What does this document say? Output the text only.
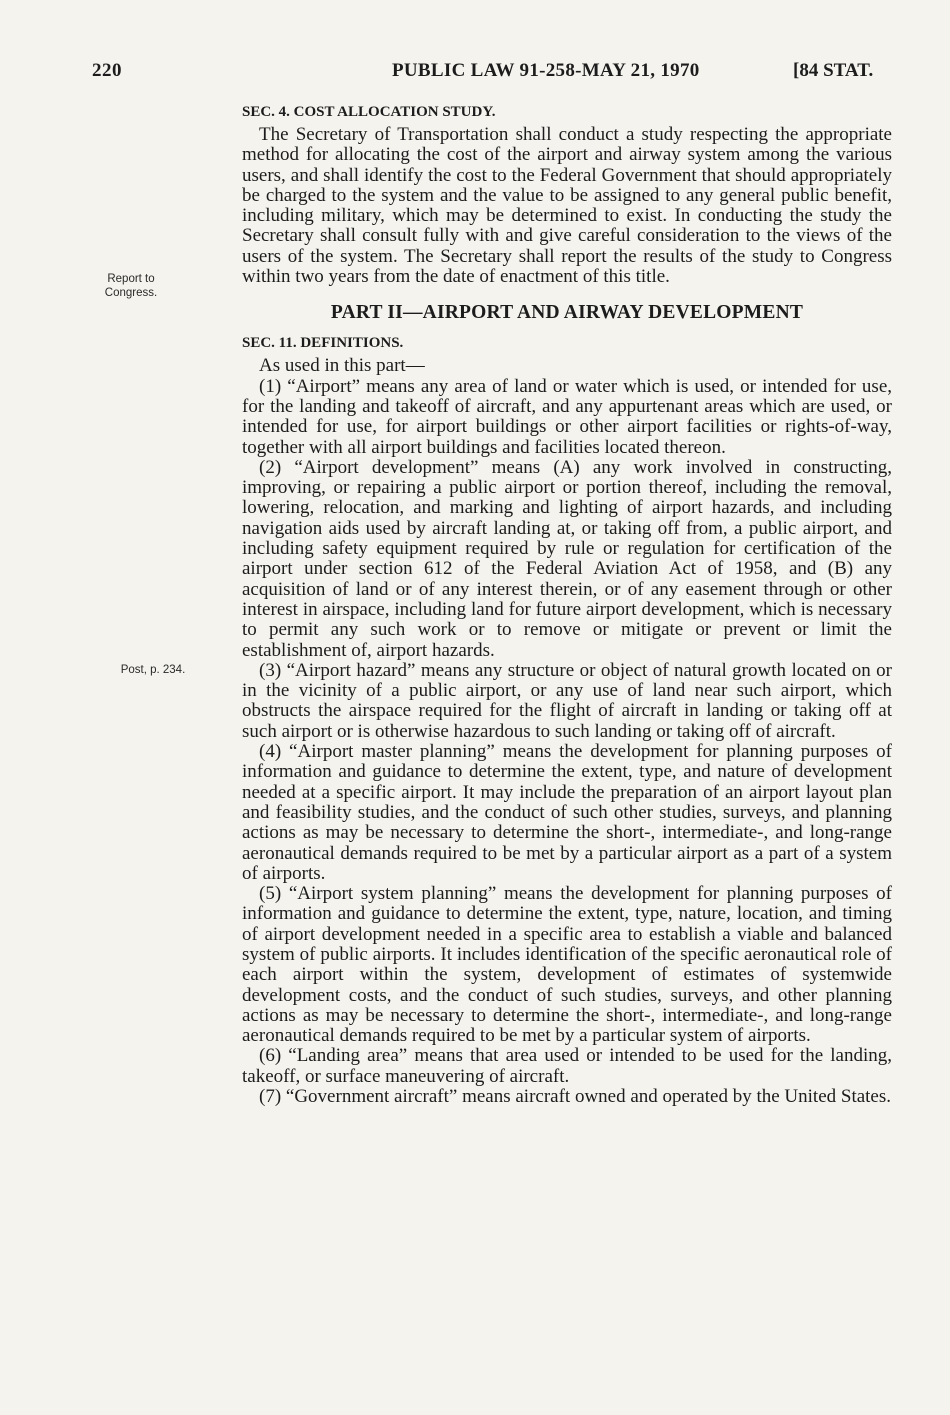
220	PUBLIC LAW 91-258-MAY 21, 1970	[84 STAT.
Report to
Congress.
Post, p. 234.
SEC. 4. COST ALLOCATION STUDY.

The Secretary of Transportation shall conduct a study respecting the appropriate method for allocating the cost of the airport and airway system among the various users, and shall identify the cost to the Federal Government that should appropriately be charged to the system and the value to be assigned to any general public benefit, including military, which may be determined to exist. In conducting the study the Secretary shall consult fully with and give careful consideration to the views of the users of the system. The Secretary shall report the results of the study to Congress within two years from the date of enactment of this title.

PART II—AIRPORT AND AIRWAY DEVELOPMENT
SEC. 11. DEFINITIONS.

As used in this part—

(1) “Airport” means any area of land or water which is used, or intended for use, for the landing and takeoff of aircraft, and any appurtenant areas which are used, or intended for use, for airport buildings or other airport facilities or rights-of-way, together with all airport buildings and facilities located thereon.

(2) “Airport development” means (A) any work involved in constructing, improving, or repairing a public airport or portion thereof, including the removal, lowering, relocation, and marking and lighting of airport hazards, and including navigation aids used by aircraft landing at, or taking off from, a public airport, and including safety equipment required by rule or regulation for certification of the airport under section 612 of the Federal Aviation Act of 1958, and (B) any acquisition of land or of any interest therein, or of any easement through or other interest in airspace, including land for future airport development, which is necessary to permit any such work or to remove or mitigate or prevent or limit the establishment of, airport hazards.

(3) “Airport hazard” means any structure or object of natural growth located on or in the vicinity of a public airport, or any use of land near such airport, which obstructs the airspace required for the flight of aircraft in landing or taking off at such airport or is otherwise hazardous to such landing or taking off of aircraft.

(4) “Airport master planning” means the development for planning purposes of information and guidance to determine the extent, type, and nature of development needed at a specific airport. It may include the preparation of an airport layout plan and feasibility studies, and the conduct of such other studies, surveys, and planning actions as may be necessary to determine the short-, intermediate-, and long-range aeronautical demands required to be met by a particular airport as a part of a system of airports.

(5) “Airport system planning” means the development for planning purposes of information and guidance to determine the extent, type, nature, location, and timing of airport development needed in a specific area to establish a viable and balanced system of public airports. It includes identification of the specific aeronautical role of each airport within the system, development of estimates of systemwide development costs, and the conduct of such studies, surveys, and other planning actions as may be necessary to determine the short-, intermediate-, and long-range aeronautical demands required to be met by a particular system of airports.

(6) “Landing area” means that area used or intended to be used for the landing, takeoff, or surface maneuvering of aircraft.

(7) “Government aircraft” means aircraft owned and operated by the United States.
